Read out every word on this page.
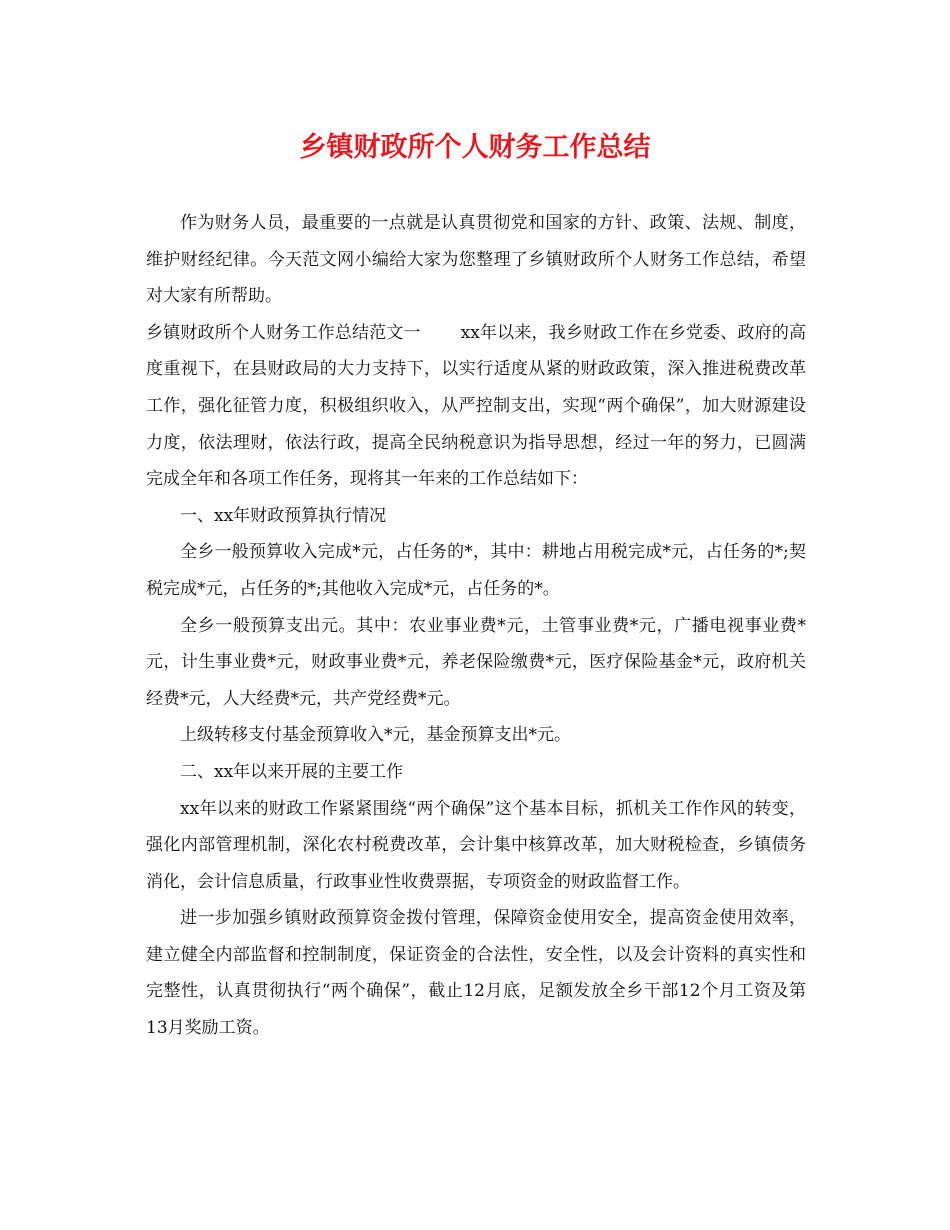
乡镇财政所个人财务工作总结

作为财务人员，最重要的一点就是认真贯彻党和国家的方针、政策、法规、制度，维护财经纪律。今天范文网小编给大家为您整理了乡镇财政所个人财务工作总结，希望对大家有所帮助。

乡镇财政所个人财务工作总结范文一 xx年以来，我乡财政工作在乡党委、政府的高度重视下，在县财政局的大力支持下，以实行适度从紧的财政政策，深入推进税费改革工作，强化征管力度，积极组织收入，从严控制支出，实现“两个确保”，加大财源建设力度，依法理财，依法行政，提高全民纳税意识为指导思想，经过一年的努力，已圆满完成全年和各项工作任务，现将其一年来的工作总结如下：

一、xx年财政预算执行情况

全乡一般预算收入完成*元，占任务的*，其中：耕地占用税完成*元，占任务的*;契税完成*元，占任务的*;其他收入完成*元，占任务的*。

全乡一般预算支出元。其中：农业事业费*元，土管事业费*元，广播电视事业费*元，计生事业费*元，财政事业费*元，养老保险缴费*元，医疗保险基金*元，政府机关经费*元，人大经费*元，共产党经费*元。

上级转移支付基金预算收入*元，基金预算支出*元。

二、xx年以来开展的主要工作

xx年以来的财政工作紧紧围绕“两个确保”这个基本目标，抓机关工作作风的转变，强化内部管理机制，深化农村税费改革，会计集中核算改革，加大财税检查，乡镇债务消化，会计信息质量，行政事业性收费票据，专项资金的财政监督工作。

进一步加强乡镇财政预算资金拨付管理，保障资金使用安全，提高资金使用效率，建立健全内部监督和控制制度，保证资金的合法性，安全性，以及会计资料的真实性和完整性，认真贯彻执行“两个确保”，截止12月底，足额发放全乡干部12个月工资及第13月奖励工资。
